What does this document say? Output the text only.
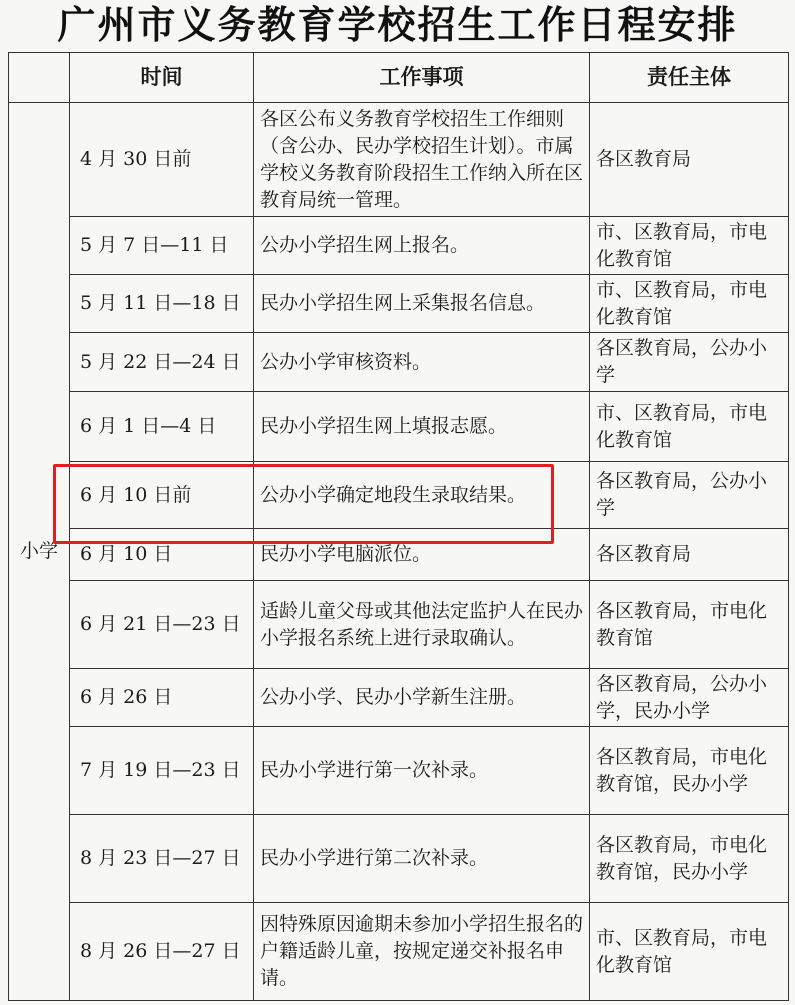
广州市义务教育学校招生工作日程安排
	时间	工作事项	责任主体
小学	4 月 30 日前	各区公布义务教育学校招生工作细则（含公办、民办学校招生计划）。市属学校义务教育阶段招生工作纳入所在区教育局统一管理。	各区教育局
	5 月 7 日—11 日	公办小学招生网上报名。	市、区教育局，市电化教育馆
	5 月 11 日—18 日	民办小学招生网上采集报名信息。	市、区教育局，市电化教育馆
	5 月 22 日—24 日	公办小学审核资料。	各区教育局，公办小学
	6 月 1 日—4 日	民办小学招生网上填报志愿。	市、区教育局，市电化教育馆
	6 月 10 日前	公办小学确定地段生录取结果。	各区教育局，公办小学
	6 月 10 日	民办小学电脑派位。	各区教育局
	6 月 21 日—23 日	适龄儿童父母或其他法定监护人在民办小学报名系统上进行录取确认。	各区教育局，市电化教育馆
	6 月 26 日	公办小学、民办小学新生注册。	各区教育局，公办小学，民办小学
	7 月 19 日—23 日	民办小学进行第一次补录。	各区教育局，市电化教育馆，民办小学
	8 月 23 日—27 日	民办小学进行第二次补录。	各区教育局，市电化教育馆，民办小学
	8 月 26 日—27 日	因特殊原因逾期未参加小学招生报名的户籍适龄儿童，按规定递交补报名申请。	市、区教育局，市电化教育馆
